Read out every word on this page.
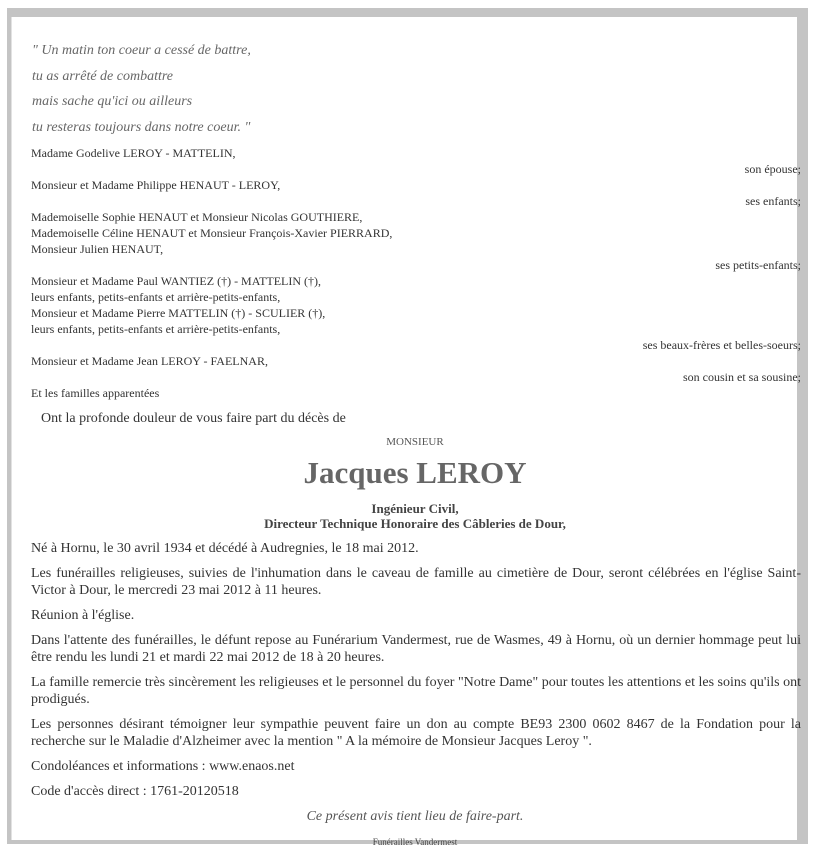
" Un matin ton coeur a cessé de battre,
tu as arrêté de combattre
mais sache qu'ici ou ailleurs
tu resteras toujours dans notre coeur. "
Madame Godelive LEROY - MATTELIN,
son épouse;
Monsieur et Madame Philippe HENAUT - LEROY,
ses enfants;
Mademoiselle Sophie HENAUT et Monsieur Nicolas GOUTHIERE,
Mademoiselle Céline HENAUT et Monsieur François-Xavier PIERRARD,
Monsieur Julien HENAUT,
ses petits-enfants;
Monsieur et Madame Paul WANTIEZ (†) - MATTELIN (†),
leurs enfants, petits-enfants et arrière-petits-enfants,
Monsieur et Madame Pierre MATTELIN (†) - SCULIER (†),
leurs enfants, petits-enfants et arrière-petits-enfants,
ses beaux-frères et belles-soeurs;
Monsieur et Madame Jean LEROY - FAELNAR,
son cousin et sa sousine;
Et les familles apparentées
Ont la profonde douleur de vous faire part du décès de
MONSIEUR
Jacques LEROY
Ingénieur Civil,
Directeur Technique Honoraire des Câbleries de Dour,

Né à Hornu, le 30 avril 1934 et décédé à Audregnies, le 18 mai 2012.

Les funérailles religieuses, suivies de l'inhumation dans le caveau de famille au cimetière de Dour, seront célébrées en l'église Saint-Victor à Dour, le mercredi 23 mai 2012 à 11 heures.

Réunion à l'église.

Dans l'attente des funérailles, le défunt repose au Funérarium Vandermest, rue de Wasmes, 49 à Hornu, où un dernier hommage peut lui être rendu les lundi 21 et mardi 22 mai 2012 de 18 à 20 heures.

La famille remercie très sincèrement les religieuses et le personnel du foyer "Notre Dame" pour toutes les attentions et les soins qu'ils ont prodigués.

Les personnes désirant témoigner leur sympathie peuvent faire un don au compte BE93 2300 0602 8467 de la Fondation pour la recherche sur le Maladie d'Alzheimer avec la mention " A la mémoire de Monsieur Jacques Leroy ".

Condoléances et informations : www.enaos.net

Code d'accès direct : 1761-20120518

Ce présent avis tient lieu de faire-part.
Funérailles Vandermest
